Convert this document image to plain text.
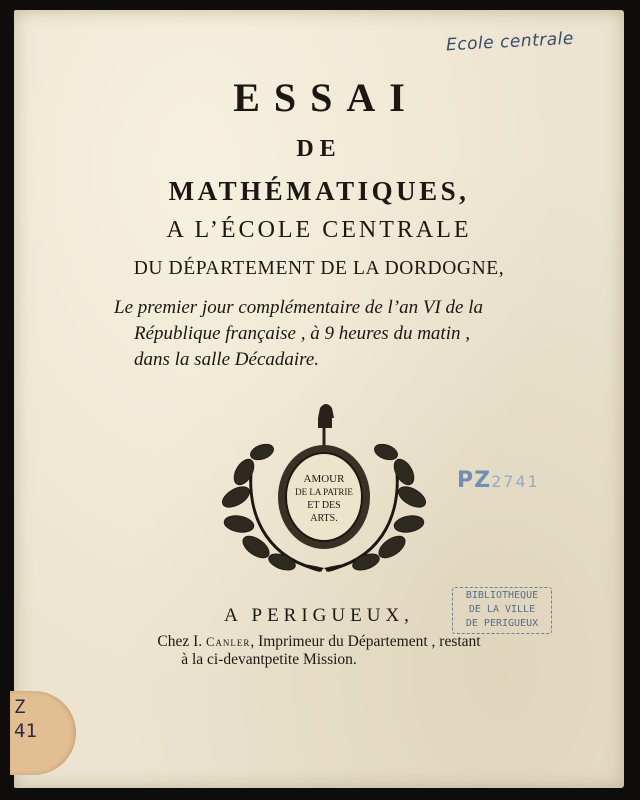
Ecole centrale

ESSAI

DE

MATHÉMATIQUES,

A L’ÉCOLE CENTRALE

DU DÉPARTEMENT DE LA DORDOGNE,

Le premier jour complémentaire de l’an VI de la
République française , à 9 heures du matin ,
dans la salle Décadaire.
AMOUR
DE LA PATRIE
ET DES
ARTS.
PZ2741
BIBLIOTHEQUE
DE LA VILLE
DE PERIGUEUX

A PERIGUEUX,

Chez I. Canler, Imprimeur du Département , restant

à la ci-devantpetite Mission.

Z
41
